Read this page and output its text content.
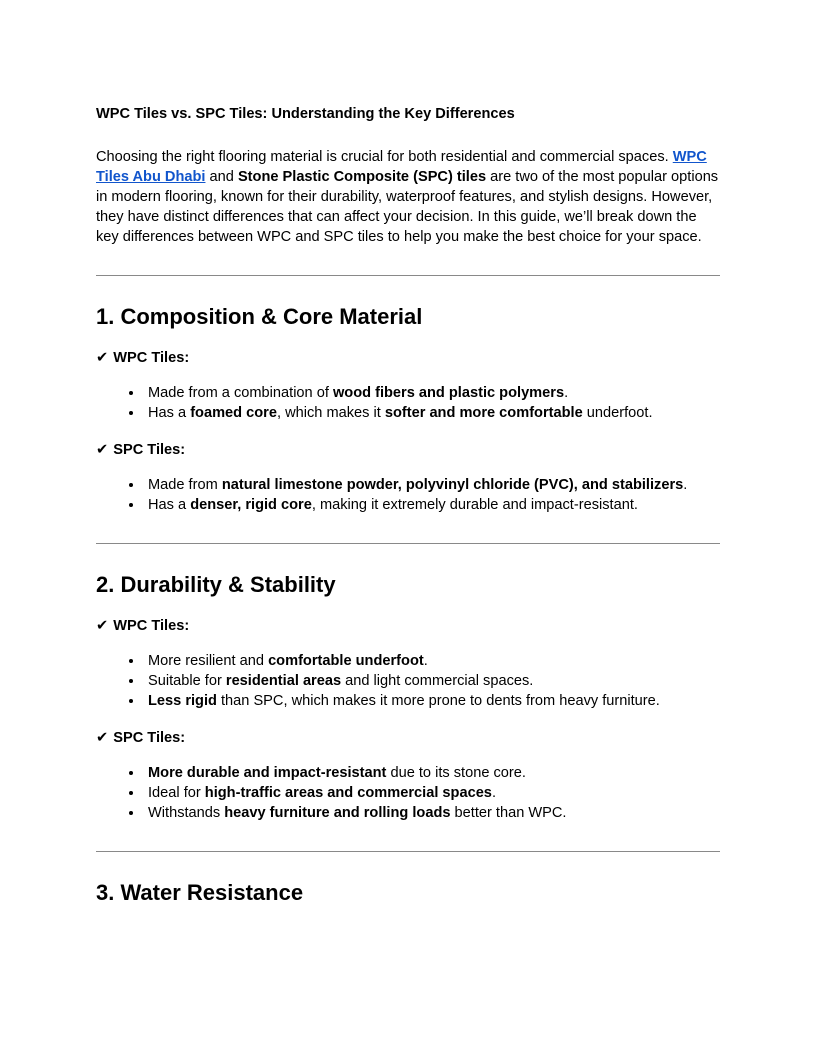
WPC Tiles vs. SPC Tiles: Understanding the Key Differences

Choosing the right flooring material is crucial for both residential and commercial spaces. WPC Tiles Abu Dhabi and Stone Plastic Composite (SPC) tiles are two of the most popular options in modern flooring, known for their durability, waterproof features, and stylish designs. However, they have distinct differences that can affect your decision. In this guide, we’ll break down the key differences between WPC and SPC tiles to help you make the best choice for your space.

1. Composition & Core Material

✔ WPC Tiles:

• Made from a combination of wood fibers and plastic polymers.
• Has a foamed core, which makes it softer and more comfortable underfoot.

✔ SPC Tiles:

• Made from natural limestone powder, polyvinyl chloride (PVC), and stabilizers.
• Has a denser, rigid core, making it extremely durable and impact-resistant.
2. Durability & Stability

✔ WPC Tiles:

• More resilient and comfortable underfoot.
• Suitable for residential areas and light commercial spaces.
• Less rigid than SPC, which makes it more prone to dents from heavy furniture.

✔ SPC Tiles:

• More durable and impact-resistant due to its stone core.
• Ideal for high-traffic areas and commercial spaces.
• Withstands heavy furniture and rolling loads better than WPC.
3. Water Resistance
